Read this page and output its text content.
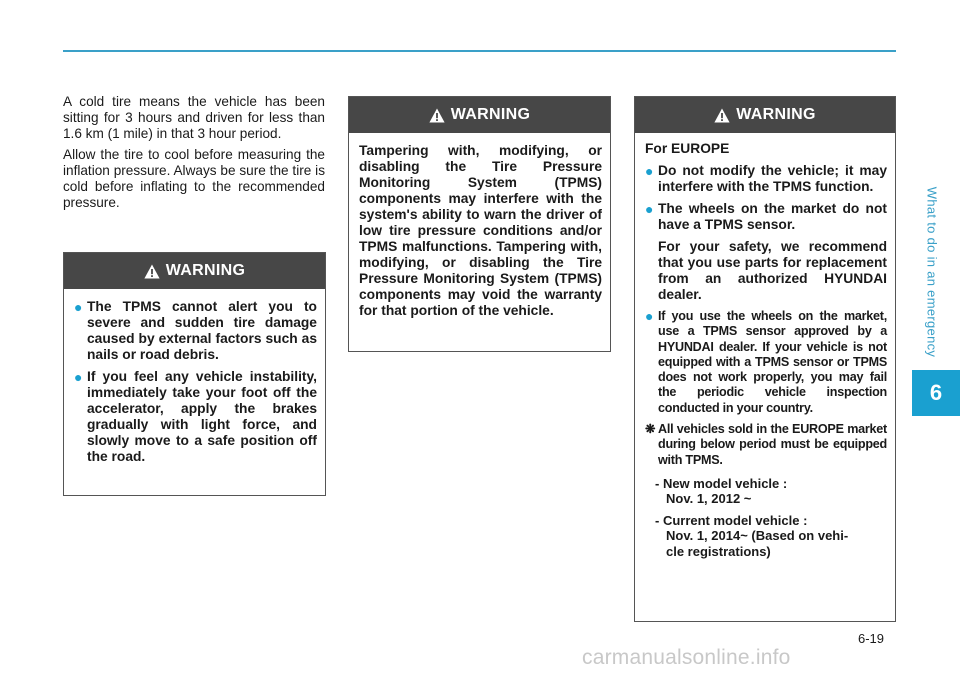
What to do in an emergency
6

A cold tire means the vehicle has been sitting for 3 hours and driven for less than 1.6 km (1 mile) in that 3 hour period.

Allow the tire to cool before measuring the inflation pressure. Always be sure the tire is cold before inflating to the recommended pressure.

WARNING
● The TPMS cannot alert you to severe and sudden tire damage caused by external factors such as nails or road debris.
● If you feel any vehicle instability, immediately take your foot off the accelerator, apply the brakes gradually with light force, and slowly move to a safe position off the road.
WARNING

Tampering with, modifying, or disabling the Tire Pressure Monitoring System (TPMS) components may interfere with the system's ability to warn the driver of low tire pressure conditions and/or TPMS malfunctions. Tampering with, modifying, or disabling the Tire Pressure Monitoring System (TPMS) components may void the warranty for that portion of the vehicle.

WARNING

For EUROPE

● Do not modify the vehicle; it may interfere with the TPMS function.
● The wheels on the market do not have a TPMS sensor.

For your safety, we recommend that you use parts for replacement from an authorized HYUNDAI dealer.

● If you use the wheels on the market, use a TPMS sensor approved by a HYUNDAI dealer. If your vehicle is not equipped with a TPMS sensor or TPMS does not work properly, you may fail the periodic vehicle inspection conducted in your country.
❋ All vehicles sold in the EUROPE market during below period must be equipped with TPMS.
- New model vehicle :
Nov. 1, 2012 ~
- Current model vehicle :
Nov. 1, 2014~ (Based on vehi-
cle registrations)
6-19
carmanualsonline.info
